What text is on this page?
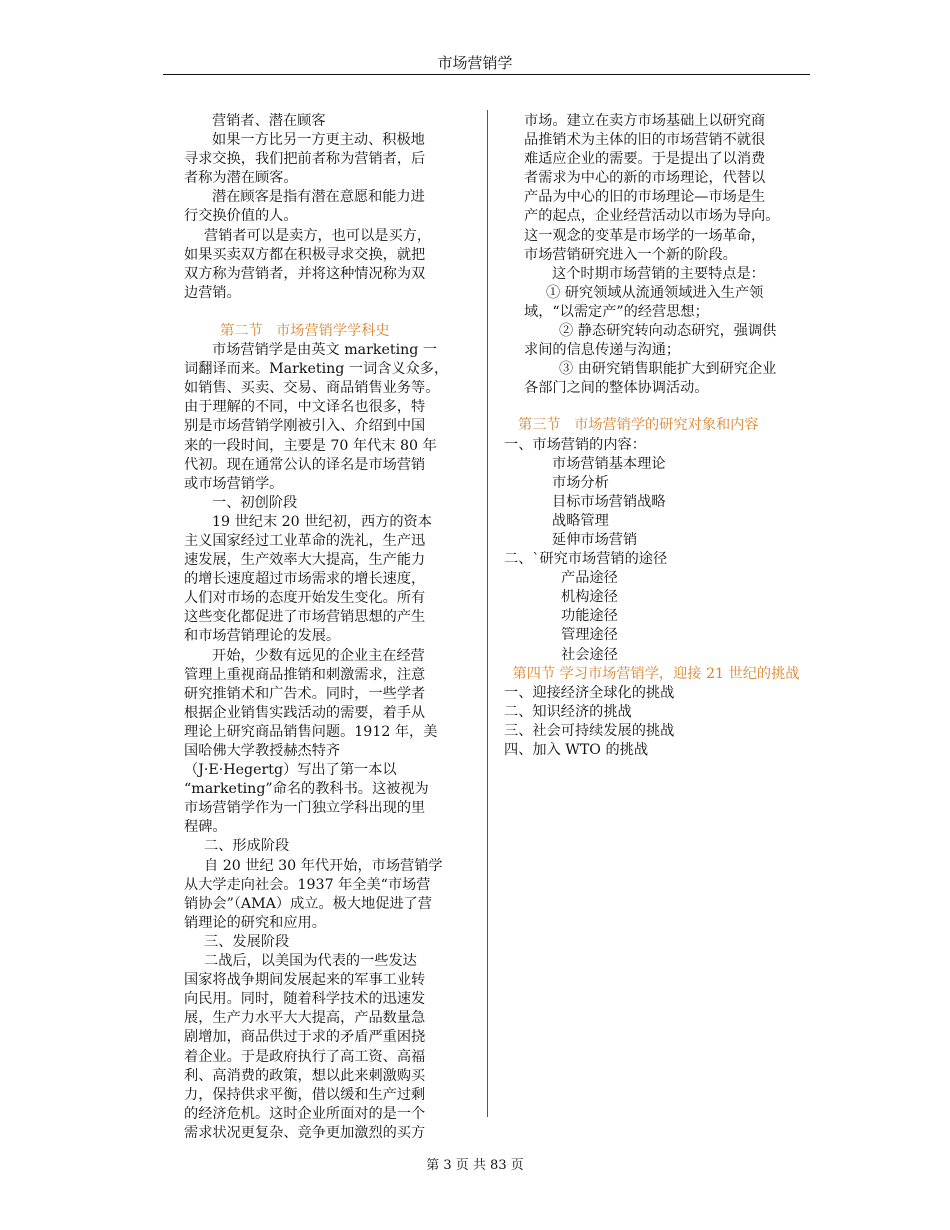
市场营销学
营销者、潜在顾客
如果一方比另一方更主动、积极地
寻求交换，我们把前者称为营销者，后
者称为潜在顾客。
潜在顾客是指有潜在意愿和能力进
行交换价值的人。
营销者可以是卖方，也可以是买方，
如果买卖双方都在积极寻求交换，就把
双方称为营销者，并将这种情况称为双
边营销。
第二节   市场营销学学科史
市场营销学是由英文 marketing 一
词翻译而来。Marketing 一词含义众多，
如销售、买卖、交易、商品销售业务等。
由于理解的不同，中文译名也很多，特
别是市场营销学刚被引入、介绍到中国
来的一段时间，主要是 70 年代末 80 年
代初。现在通常公认的译名是市场营销
或市场营销学。
一、初创阶段
19 世纪末 20 世纪初，西方的资本
主义国家经过工业革命的洗礼，生产迅
速发展，生产效率大大提高，生产能力
的增长速度超过市场需求的增长速度，
人们对市场的态度开始发生变化。所有
这些变化都促进了市场营销思想的产生
和市场营销理论的发展。
开始，少数有远见的企业主在经营
管理上重视商品推销和刺激需求，注意
研究推销术和广告术。同时，一些学者
根据企业销售实践活动的需要，着手从
理论上研究商品销售问题。1912 年，美
国哈佛大学教授赫杰特齐
（J·E·Hegertg）写出了第一本以
“marketing”命名的教科书。这被视为
市场营销学作为一门独立学科出现的里
程碑。
二、形成阶段
自 20 世纪 30 年代开始，市场营销学
从大学走向社会。1937 年全美“市场营
销协会”（AMA）成立。极大地促进了营
销理论的研究和应用。
三、发展阶段
二战后，以美国为代表的一些发达
国家将战争期间发展起来的军事工业转
向民用。同时，随着科学技术的迅速发
展，生产力水平大大提高，产品数量急
剧增加，商品供过于求的矛盾严重困挠
着企业。于是政府执行了高工资、高福
利、高消费的政策，想以此来刺激购买
力，保持供求平衡，借以缓和生产过剩
的经济危机。这时企业所面对的是一个
需求状况更复杂、竞争更加激烈的买方
市场。建立在卖方市场基础上以研究商
品推销术为主体的旧的市场营销不就很
难适应企业的需要。于是提出了以消费
者需求为中心的新的市场理论，代替以
产品为中心的旧的市场理论—市场是生
产的起点，企业经营活动以市场为导向。
这一观念的变革是市场学的一场革命，
市场营销研究进入一个新的阶段。
这个时期市场营销的主要特点是：
① 研究领域从流通领域进入生产领
域，“以需定产”的经营思想；
② 静态研究转向动态研究，强调供
求间的信息传递与沟通；
③ 由研究销售职能扩大到研究企业
各部门之间的整体协调活动。
第三节   市场营销学的研究对象和内容
一、市场营销的内容：
市场营销基本理论
市场分析
目标市场营销战略
战略管理
延伸市场营销
二、`研究市场营销的途径
产品途径
机构途径
功能途径
管理途径
社会途径
第四节 学习市场营销学，迎接 21 世纪的挑战
一、迎接经济全球化的挑战
二、知识经济的挑战
三、社会可持续发展的挑战
四、加入 WTO 的挑战
第 3 页 共 83 页
